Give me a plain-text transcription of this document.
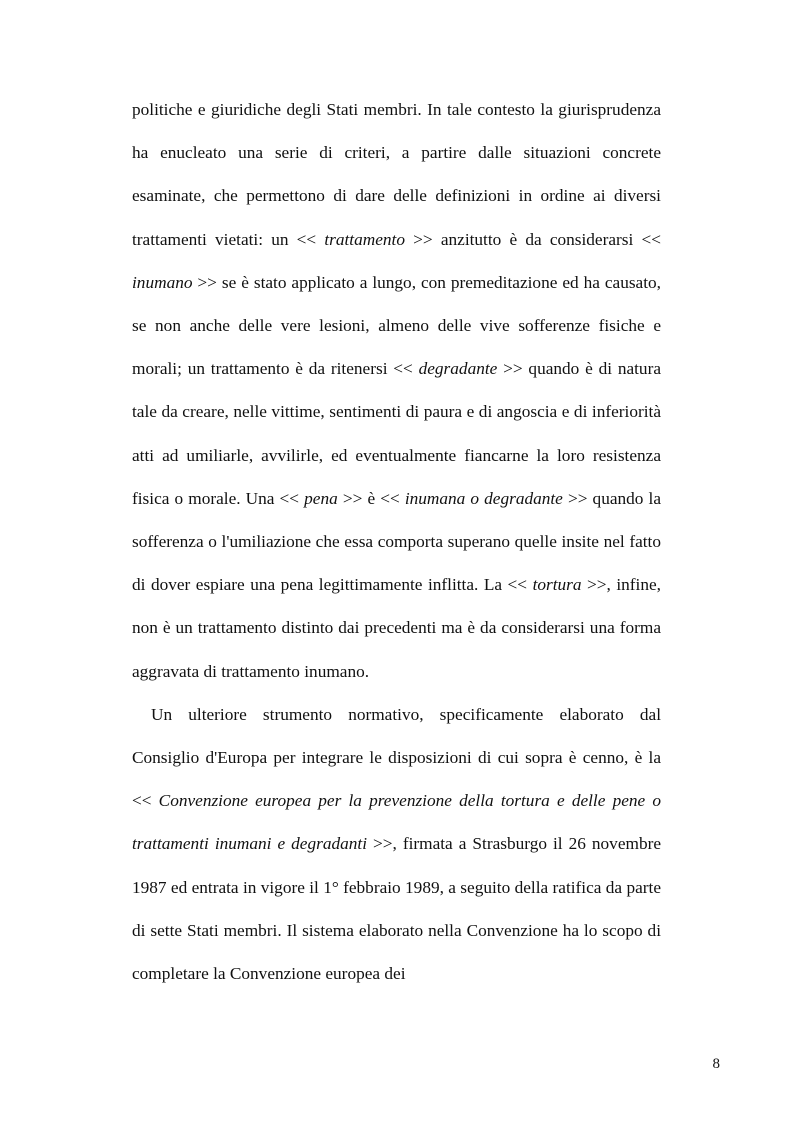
politiche e giuridiche degli Stati membri. In tale contesto la giurisprudenza ha enucleato una serie di criteri, a partire dalle situazioni concrete esaminate, che permettono di dare delle definizioni in ordine ai diversi trattamenti vietati: un << trattamento >> anzitutto è da considerarsi << inumano >> se è stato applicato a lungo, con premeditazione ed ha causato, se non anche delle vere lesioni, almeno delle vive sofferenze fisiche e morali; un trattamento è da ritenersi << degradante >> quando è di natura tale da creare, nelle vittime, sentimenti di paura e di angoscia e di inferiorità atti ad umiliarle, avvilirle, ed eventualmente fiancarne la loro resistenza fisica o morale. Una << pena >> è << inumana o degradante >> quando la sofferenza o l'umiliazione che essa comporta superano quelle insite nel fatto di dover espiare una pena legittimamente inflitta. La << tortura >>, infine, non è un trattamento distinto dai precedenti ma è da considerarsi una forma aggravata di trattamento inumano.

Un ulteriore strumento normativo, specificamente elaborato dal Consiglio d'Europa per integrare le disposizioni di cui sopra è cenno, è la << Convenzione europea per la prevenzione della tortura e delle pene o trattamenti inumani e degradanti >>, firmata a Strasburgo il 26 novembre 1987 ed entrata in vigore il 1° febbraio 1989, a seguito della ratifica da parte di sette Stati membri. Il sistema elaborato nella Convenzione ha lo scopo di completare la Convenzione europea dei

8
